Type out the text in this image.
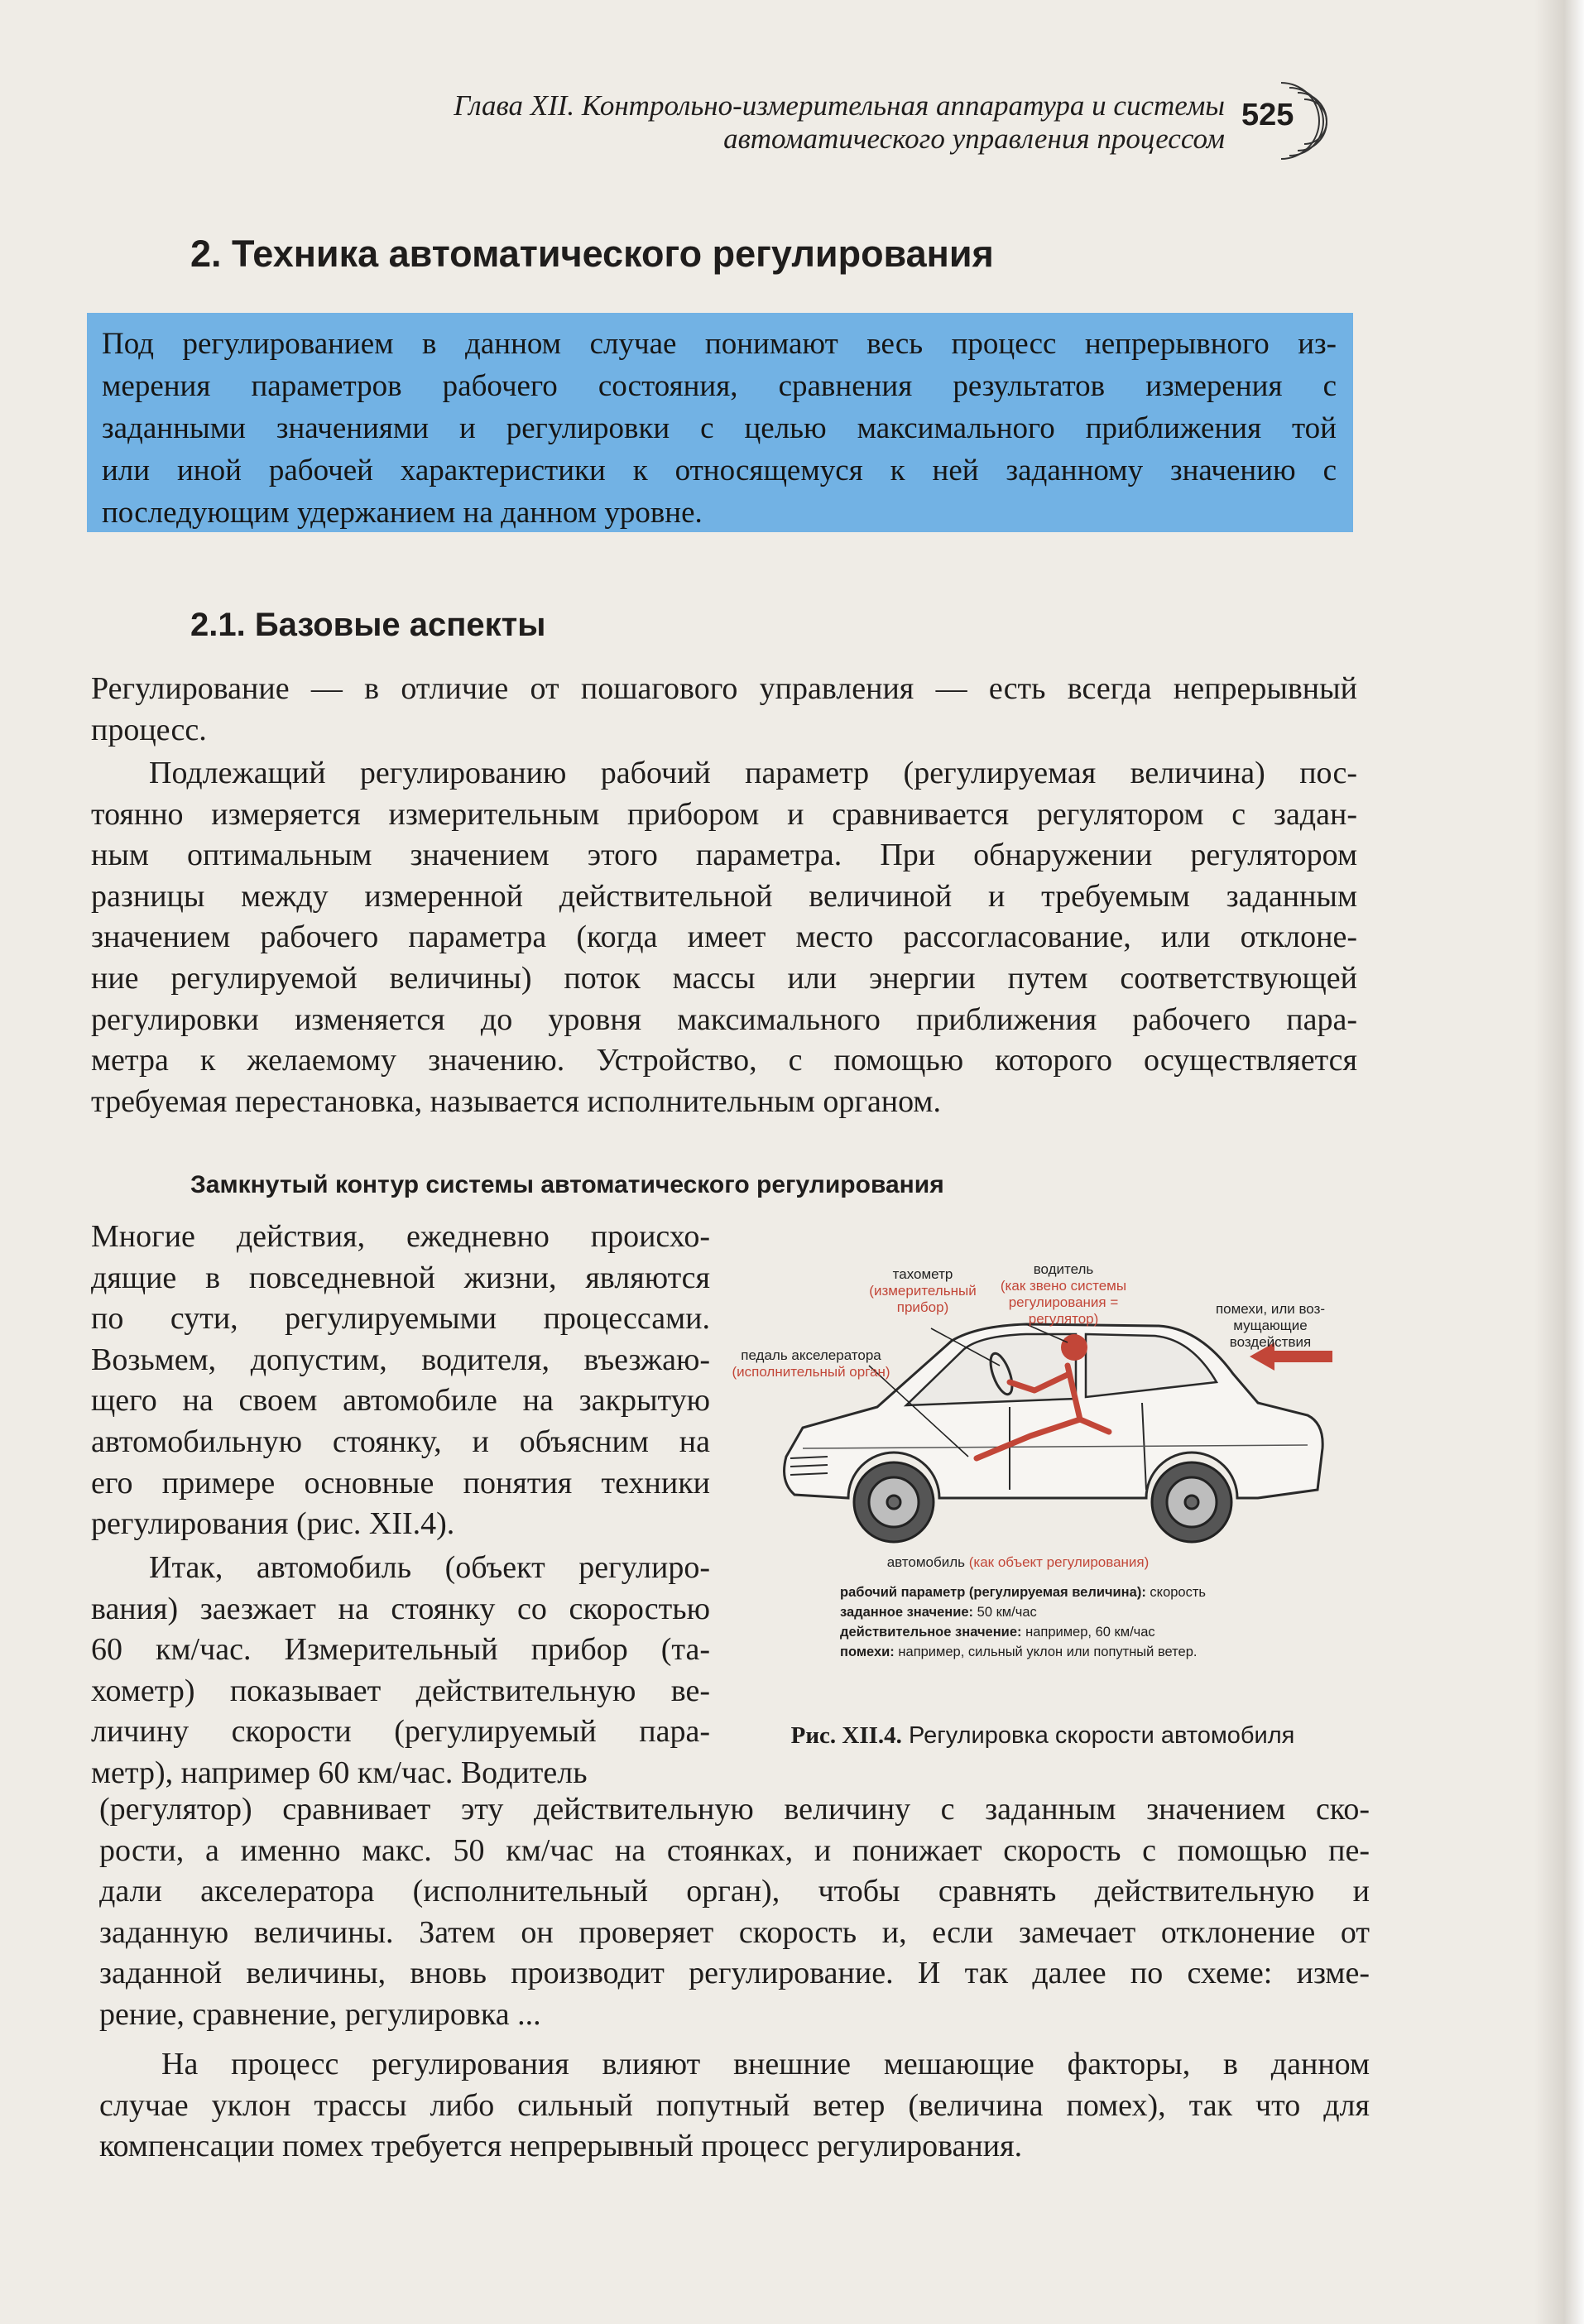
Глава XII. Контрольно-измерительная аппаратура и системы
автоматического управления процессом
525
2. Техника автоматического регулирования
Под регулированием в данном случае понимают весь процесс непрерывного из-
мерения параметров рабочего состояния, сравнения результатов измерения с
заданными значениями и регулировки с целью максимального приближения той
или иной рабочей характеристики к относящемуся к ней заданному значению с
последующим удержанием на данном уровне.
2.1. Базовые аспекты
Регулирование — в отличие от пошагового управления — есть всегда непрерывный
процесс.
Подлежащий регулированию рабочий параметр (регулируемая величина) пос-
тоянно измеряется измерительным прибором и сравнивается регулятором с задан-
ным оптимальным значением этого параметра. При обнаружении регулятором
разницы между измеренной действительной величиной и требуемым заданным
значением рабочего параметра (когда имеет место рассогласование, или отклоне-
ние регулируемой величины) поток массы или энергии путем соответствующей
регулировки изменяется до уровня максимального приближения рабочего пара-
метра к желаемому значению. Устройство, с помощью которого осуществляется
требуемая перестановка, называется исполнительным органом.
Замкнутый контур системы автоматического регулирования
Многие действия, ежедневно происхо-
дящие в повседневной жизни, являются
по сути, регулируемыми процессами.
Возьмем, допустим, водителя, въезжаю-
щего на своем автомобиле на закрытую
автомобильную стоянку, и объясним на
его примере основные понятия техники
регулирования (рис. XII.4).
Итак, автомобиль (объект регулиро-
вания) заезжает на стоянку со скоростью
60 км/час. Измерительный прибор (та-
хометр) показывает действительную ве-
личину скорости (регулируемый пара-
метр), например 60 км/час. Водитель
тахометр
(измерительный прибор)
водитель
(как звено системы
регулирования = регулятор)
помехи, или воз-
мущающие
воздействия
педаль акселератора
(исполнительный орган)
автомобиль (как объект регулирования)
рабочий параметр (регулируемая величина): скорость
заданное значение: 50 км/час
действительное значение: например, 60 км/час
помехи: например, сильный уклон или попутный ветер.
Рис. XII.4. Регулировка скорости автомобиля
(регулятор) сравнивает эту действительную величину с заданным значением ско-
рости, а именно макс. 50 км/час на стоянках, и понижает скорость с помощью пе-
дали акселератора (исполнительный орган), чтобы сравнять действительную и
заданную величины. Затем он проверяет скорость и, если замечает отклонение от
заданной величины, вновь производит регулирование. И так далее по схеме: изме-
рение, сравнение, регулировка ...
На процесс регулирования влияют внешние мешающие факторы, в данном
случае уклон трассы либо сильный попутный ветер (величина помех), так что для
компенсации помех требуется непрерывный процесс регулирования.
